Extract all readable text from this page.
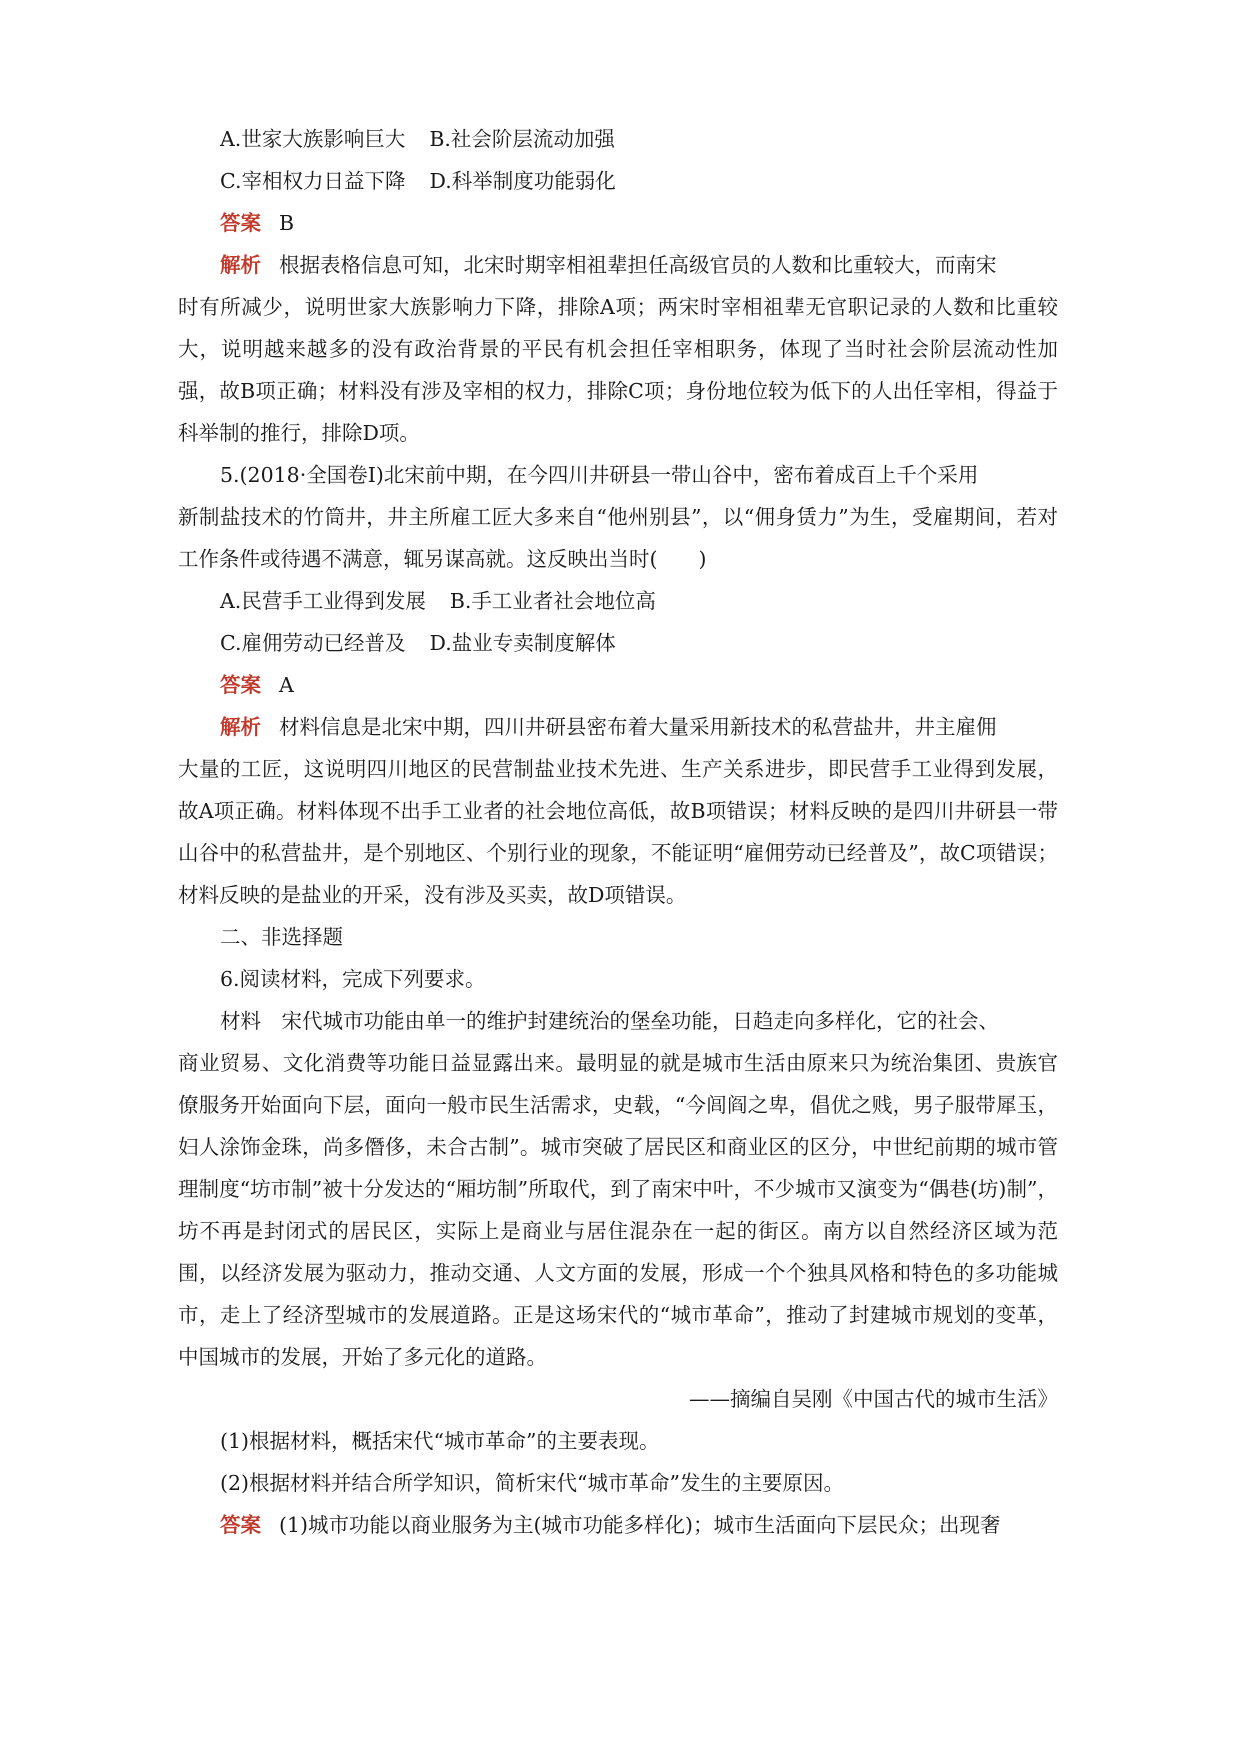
A.世家大族影响巨大 B.社会阶层流动加强
C.宰相权力日益下降 D.科举制度功能弱化
答案 B
解析 根据表格信息可知，北宋时期宰相祖辈担任高级官员的人数和比重较大，而南宋
时有所减少，说明世家大族影响力下降，排除A项；两宋时宰相祖辈无官职记录的人数和比重较大，说明越来越多的没有政治背景的平民有机会担任宰相职务，体现了当时社会阶层流动性加强，故B项正确；材料没有涉及宰相的权力，排除C项；身份地位较为低下的人出任宰相，得益于科举制的推行，排除D项。
5.(2018·全国卷Ⅰ)北宋前中期，在今四川井研县一带山谷中，密布着成百上千个采用
新制盐技术的竹筒井，井主所雇工匠大多来自“他州别县”，以“佣身赁力”为生，受雇期间，若对工作条件或待遇不满意，辄另谋高就。这反映出当时(　　)
A.民营手工业得到发展 B.手工业者社会地位高
C.雇佣劳动已经普及 D.盐业专卖制度解体
答案 A
解析 材料信息是北宋中期，四川井研县密布着大量采用新技术的私营盐井，井主雇佣
大量的工匠，这说明四川地区的民营制盐业技术先进、生产关系进步，即民营手工业得到发展，故A项正确。材料体现不出手工业者的社会地位高低，故B项错误；材料反映的是四川井研县一带山谷中的私营盐井，是个别地区、个别行业的现象，不能证明“雇佣劳动已经普及”，故C项错误；材料反映的是盐业的开采，没有涉及买卖，故D项错误。
二、非选择题
6.阅读材料，完成下列要求。
材料　宋代城市功能由单一的维护封建统治的堡垒功能，日趋走向多样化，它的社会、
商业贸易、文化消费等功能日益显露出来。最明显的就是城市生活由原来只为统治集团、贵族官僚服务开始面向下层，面向一般市民生活需求，史载，“今闾阎之卑，倡优之贱，男子服带犀玉，妇人涂饰金珠，尚多僭侈，未合古制”。城市突破了居民区和商业区的区分，中世纪前期的城市管理制度“坊市制”被十分发达的“厢坊制”所取代，到了南宋中叶，不少城市又演变为“偶巷(坊)制”，坊不再是封闭式的居民区，实际上是商业与居住混杂在一起的街区。南方以自然经济区域为范围，以经济发展为驱动力，推动交通、人文方面的发展，形成一个个独具风格和特色的多功能城市，走上了经济型城市的发展道路。正是这场宋代的“城市革命”，推动了封建城市规划的变革，中国城市的发展，开始了多元化的道路。
——摘编自吴刚《中国古代的城市生活》
(1)根据材料，概括宋代“城市革命”的主要表现。
(2)根据材料并结合所学知识，简析宋代“城市革命”发生的主要原因。
答案 (1)城市功能以商业服务为主(城市功能多样化)；城市生活面向下层民众；出现奢
